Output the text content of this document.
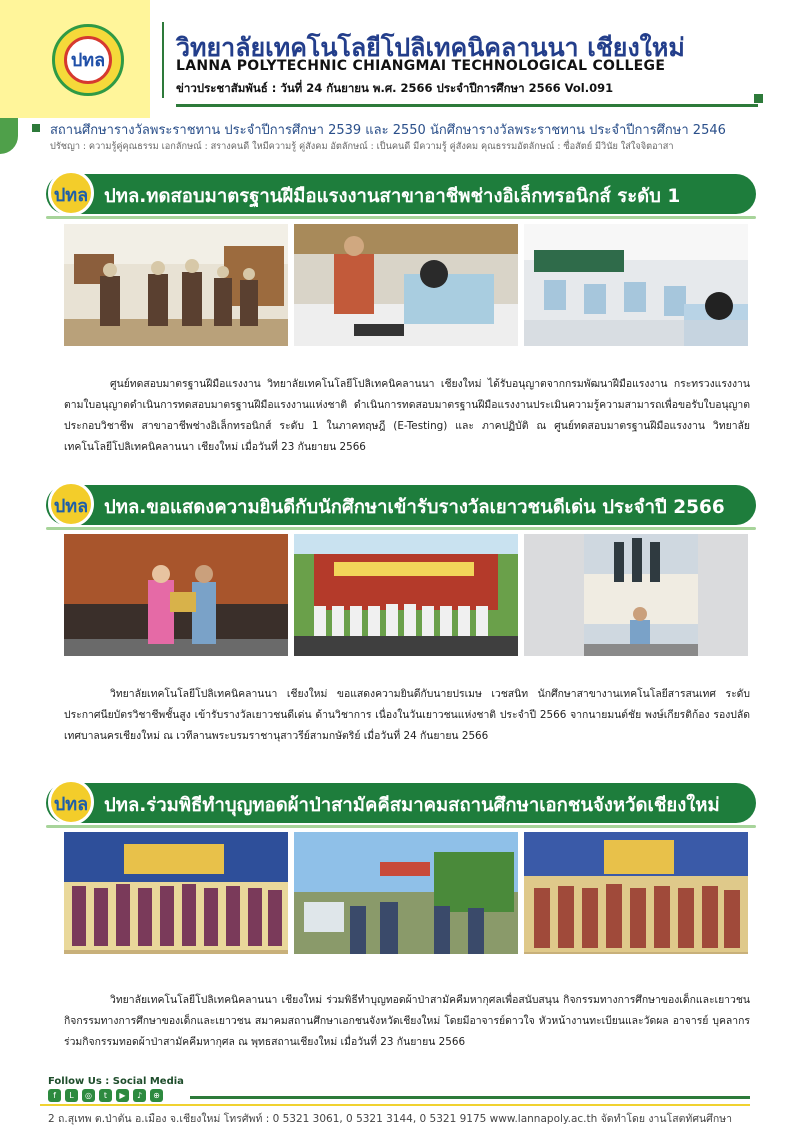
ปทล	วิทยาลัยเทคโนโลยีโปลิเทคนิคลานนา เชียงใหม่
LANNA POLYTECHNIC CHIANGMAI TECHNOLOGICAL COLLEGE
ข่าวประชาสัมพันธ์ : วันที่ 24 กันยายน พ.ศ. 2566 ประจำปีการศึกษา 2566 Vol.091
สถานศึกษารางวัลพระราชทาน ประจำปีการศึกษา 2539 และ 2550 นักศึกษารางวัลพระราชทาน ประจำปีการศึกษา 2546
ปรัชญา : ความรู้คู่คุณธรรม เอกลักษณ์ : สรางคนดี ใหมีความรู้ คู่สังคม อัตลักษณ์ : เป็นคนดี มีความรู้ คู่สังคม คุณธรรมอัตลักษณ์ : ซื่อสัตย์ มีวินัย ใส่ใจจิตอาสา
ปทล ปทล.ทดสอบมาตรฐานฝีมือแรงงานสาขาอาชีพช่างอิเล็กทรอนิกส์ ระดับ 1

ศูนย์ทดสอบมาตรฐานฝีมือแรงงาน วิทยาลัยเทคโนโลยีโปลิเทคนิคลานนา เชียงใหม่ ได้รับอนุญาตจากกรมพัฒนาฝีมือแรงงาน กระทรวงแรงงาน ตามใบอนุญาตดำเนินการทดสอบมาตรฐานฝีมือแรงงานแห่งชาติ ดำเนินการทดสอบมาตรฐานฝีมือแรงงานประเมินความรู้ความสามารถเพื่อขอรับใบอนุญาตประกอบวิชาชีพ สาขาอาชีพช่างอิเล็กทรอนิกส์ ระดับ 1 ในภาคทฤษฎี (E-Testing) และ ภาคปฏิบัติ ณ ศูนย์ทดสอบมาตรฐานฝีมือแรงงาน วิทยาลัยเทคโนโลยีโปลิเทคนิคลานนา เชียงใหม่ เมื่อวันที่ 23 กันยายน 2566

ปทล ปทล.ขอแสดงความยินดีกับนักศึกษาเข้ารับรางวัลเยาวชนดีเด่น ประจำปี 2566

วิทยาลัยเทคโนโลยีโปลิเทคนิคลานนา เชียงใหม่ ขอแสดงความยินดีกับนายปรเมษ เวชสนิท นักศึกษาสาขางานเทคโนโลยีสารสนเทศ ระดับประกาศนียบัตรวิชาชีพชั้นสูง เข้ารับรางวัลเยาวชนดีเด่น ด้านวิชาการ เนื่องในวันเยาวชนแห่งชาติ ประจำปี 2566 จากนายมนต์ชัย พงษ์เกียรติก้อง รองปลัดเทศบาลนครเชียงใหม่ ณ เวทีลานพระบรมราชานุสาวรีย์สามกษัตริย์ เมื่อวันที่ 24 กันยายน 2566

ปทล ปทล.ร่วมพิธีทำบุญทอดผ้าป่าสามัคคีสมาคมสถานศึกษาเอกชนจังหวัดเชียงใหม่

วิทยาลัยเทคโนโลยีโปลิเทคนิคลานนา เชียงใหม่ ร่วมพิธีทำบุญทอดผ้าป่าสามัคคีมหากุศลเพื่อสนับสนุน กิจกรรมทางการศึกษาของเด็กและเยาวชนกิจกรรมทางการศึกษาของเด็กและเยาวชน สมาคมสถานศึกษาเอกชนจังหวัดเชียงใหม่ โดยมีอาจารย์ดาวใจ หัวหน้างานทะเบียนและวัดผล อาจารย์ บุคลากร ร่วมกิจกรรมทอดผ้าป่าสามัคคีมหากุศล ณ พุทธสถานเชียงใหม่ เมื่อวันที่ 23 กันยายน 2566

Follow Us : Social Media
f	L	◎	t	▶	♪	⊕
2 ถ.สุเทพ ต.ป่าตัน อ.เมือง จ.เชียงใหม่ โทรศัพท์ : 0 5321 3061, 0 5321 3144, 0 5321 9175 www.lannapoly.ac.th จัดทำโดย งานโสตทัศนศึกษา
